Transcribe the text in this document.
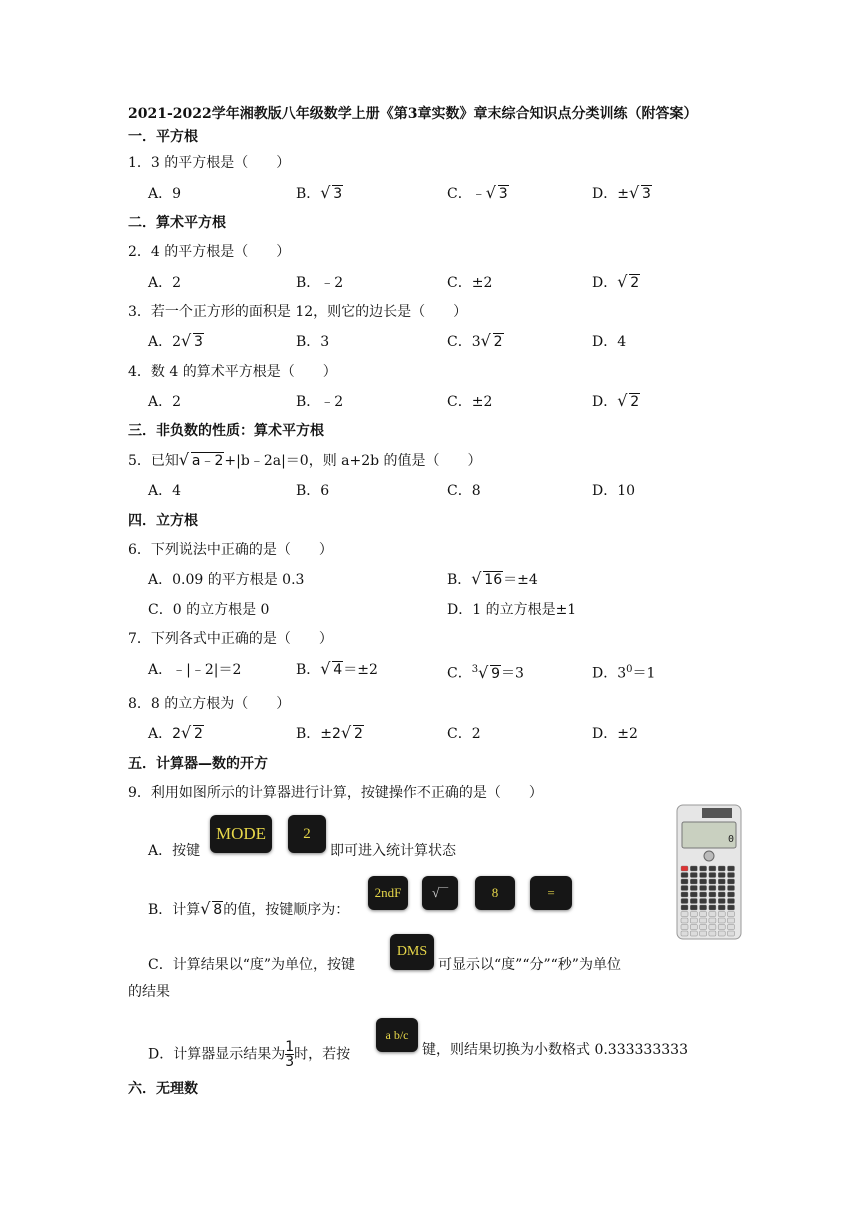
2021-2022学年湘教版八年级数学上册《第3章实数》章末综合知识点分类训练（附答案）
一．平方根
1．3 的平方根是（　　）
A．9	B． √ 3	C．﹣ √ 3	D．± √ 3
二．算术平方根
2．4 的平方根是（　　）
A．2	B．﹣2	C．±2	D． √ 2
3．若一个正方形的面积是 12，则它的边长是（　　）
A．2 √ 3	B．3	C．3 √ 2	D．4
4．数 4 的算术平方根是（　　）
A．2	B．﹣2	C．±2	D． √ 2
三．非负数的性质：算术平方根
5．已知 √ a﹣2+|b﹣2a|＝0，则 a+2b 的值是（　　）
A．4	B．6	C．8	D．10
四．立方根
6．下列说法中正确的是（　　）
A．0.09 的平方根是 0.3	B． √ 16＝±4
C．0 的立方根是 0	D．1 的立方根是±1
7．下列各式中正确的是（　　）
A．﹣|﹣2|＝2	B． √ 4＝±2	C．$^3$ √ 9＝3	D．$3^0=1$
8．8 的立方根为（　　）
A．2 √ 2	B．±2 √ 2	C．2	D．±2
五．计算器—数的开方
9．利用如图所示的计算器进行计算，按键操作不正确的是（　　）
A．按键
MODE	2
即可进入统计算状态
B．计算 √ 8的值，按键顺序为：
2ndF	√‾‾	8	=
C．计算结果以“度”为单位，按键
DMS
可显示以“度”“分”“秒”为单位
的结果
D．计算器显示结果为 $\frac{1}{3}$ 时，若按
a b/c
键，则结果切换为小数格式 0.333333333
0
六．无理数
